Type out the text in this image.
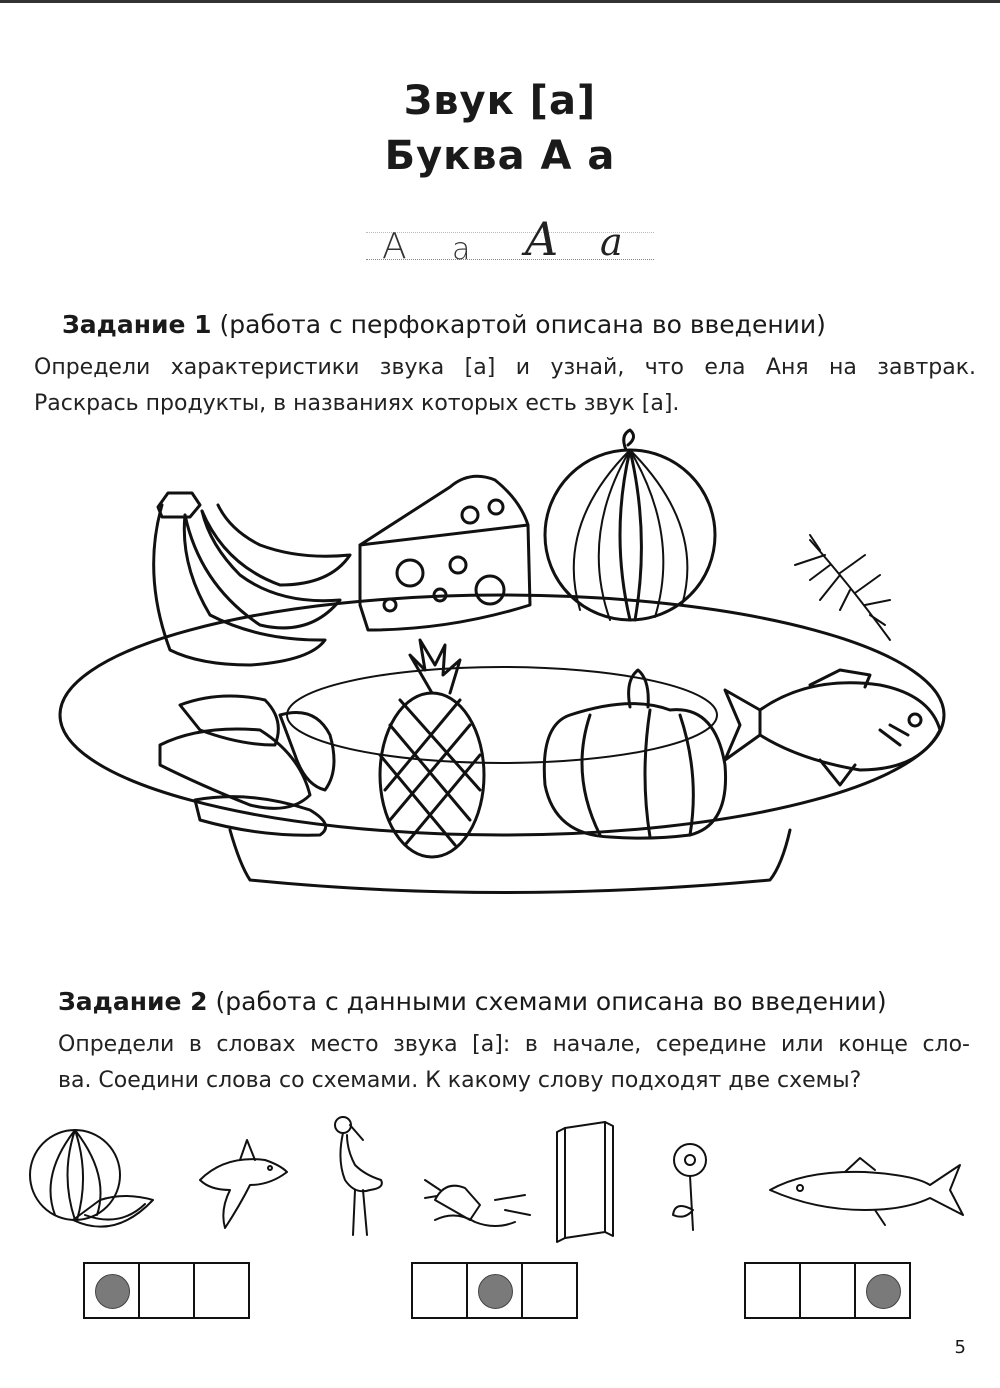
Звук [а]
Буква А а
А а A a
Задание 1 (работа с перфокартой описана во введении)
Определи характеристики звука [а] и узнай, что ела Аня на завтрак.
Раскрась продукты, в названиях которых есть звук [а].
Задание 2 (работа с данными схемами описана во введении)
Определи в словах место звука [а]: в начале, середине или конце сло-
ва. Соедини слова со схемами. К какому слову подходят две схемы?
5
